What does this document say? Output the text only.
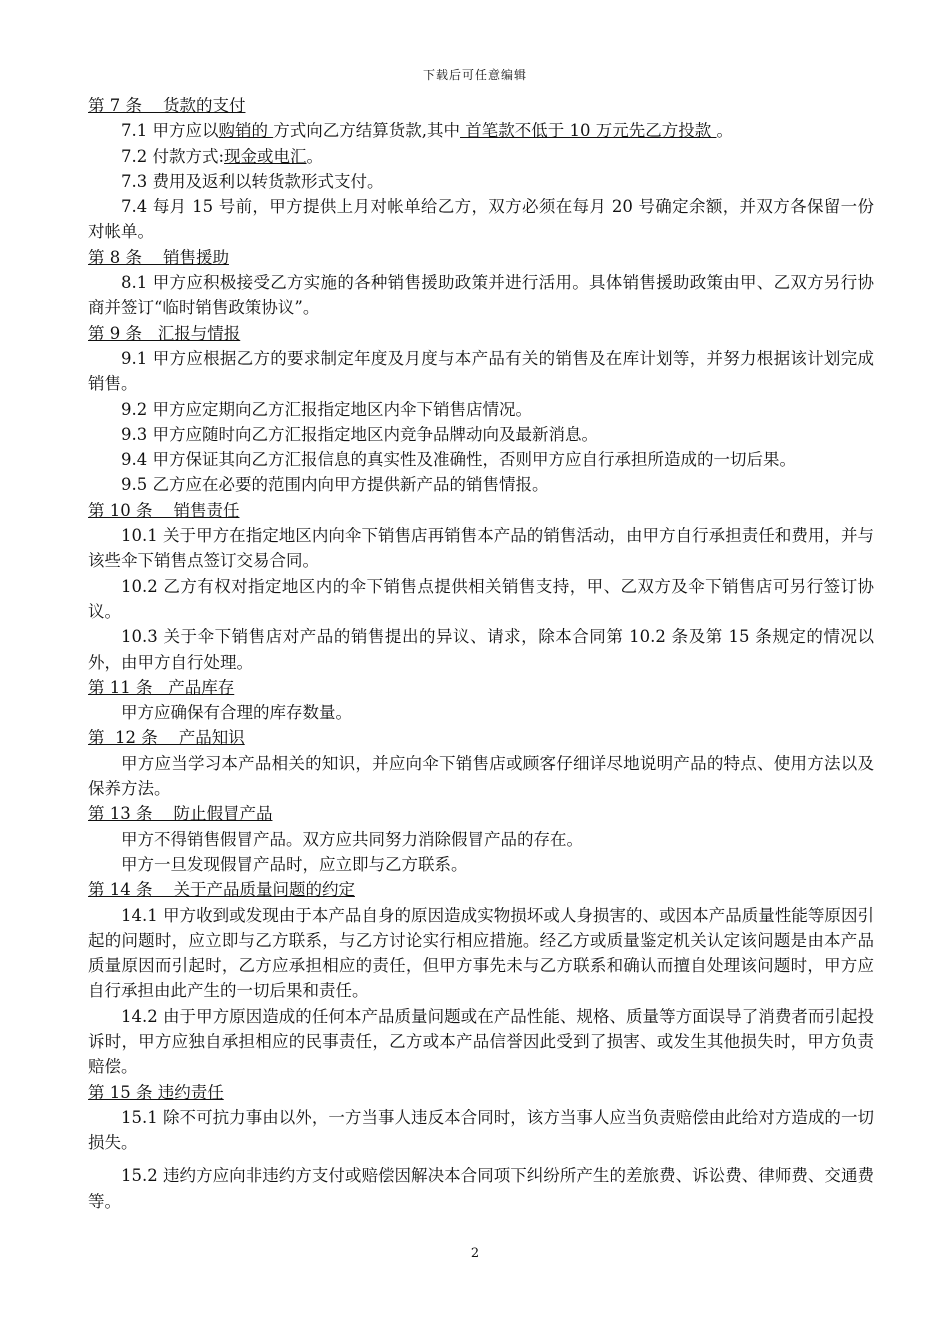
下载后可任意编辑
第 7 条    货款的支付
7.1 甲方应以购销的 方式向乙方结算货款,其中 首笔款不低于 10 万元先乙方投款 。
7.2 付款方式:现金或电汇。
7.3 费用及返利以转货款形式支付。
7.4 每月 15 号前，甲方提供上月对帐单给乙方，双方必须在每月 20 号确定余额，并双方各保留一份对帐单。
第 8 条    销售援助
8.1 甲方应积极接受乙方实施的各种销售援助政策并进行活用。具体销售援助政策由甲、乙双方另行协商并签订“临时销售政策协议”。
第 9 条   汇报与情报
9.1 甲方应根据乙方的要求制定年度及月度与本产品有关的销售及在库计划等，并努力根据该计划完成销售。
9.2 甲方应定期向乙方汇报指定地区内伞下销售店情况。
9.3 甲方应随时向乙方汇报指定地区内竞争品牌动向及最新消息。
9.4 甲方保证其向乙方汇报信息的真实性及准确性，否则甲方应自行承担所造成的一切后果。
9.5 乙方应在必要的范围内向甲方提供新产品的销售情报。
第 10 条    销售责任
10.1 关于甲方在指定地区内向伞下销售店再销售本产品的销售活动，由甲方自行承担责任和费用，并与该些伞下销售点签订交易合同。
10.2 乙方有权对指定地区内的伞下销售点提供相关销售支持，甲、乙双方及伞下销售店可另行签订协议。
10.3 关于伞下销售店对产品的销售提出的异议、请求，除本合同第 10.2 条及第 15 条规定的情况以外，由甲方自行处理。
第 11 条   产品库存
甲方应确保有合理的库存数量。
第  12 条    产品知识
甲方应当学习本产品相关的知识，并应向伞下销售店或顾客仔细详尽地说明产品的特点、使用方法以及保养方法。
第 13 条    防止假冒产品
甲方不得销售假冒产品。双方应共同努力消除假冒产品的存在。
甲方一旦发现假冒产品时，应立即与乙方联系。
第 14 条    关于产品质量问题的约定
14.1 甲方收到或发现由于本产品自身的原因造成实物损坏或人身损害的、或因本产品质量性能等原因引起的问题时，应立即与乙方联系，与乙方讨论实行相应措施。经乙方或质量鉴定机关认定该问题是由本产品质量原因而引起时，乙方应承担相应的责任，但甲方事先未与乙方联系和确认而擅自处理该问题时，甲方应自行承担由此产生的一切后果和责任。
14.2 由于甲方原因造成的任何本产品质量问题或在产品性能、规格、质量等方面误导了消费者而引起投诉时，甲方应独自承担相应的民事责任，乙方或本产品信誉因此受到了损害、或发生其他损失时，甲方负责赔偿。
第 15 条 违约责任
15.1 除不可抗力事由以外，一方当事人违反本合同时，该方当事人应当负责赔偿由此给对方造成的一切损失。
15.2 违约方应向非违约方支付或赔偿因解决本合同项下纠纷所产生的差旅费、诉讼费、律师费、交通费等。
2
